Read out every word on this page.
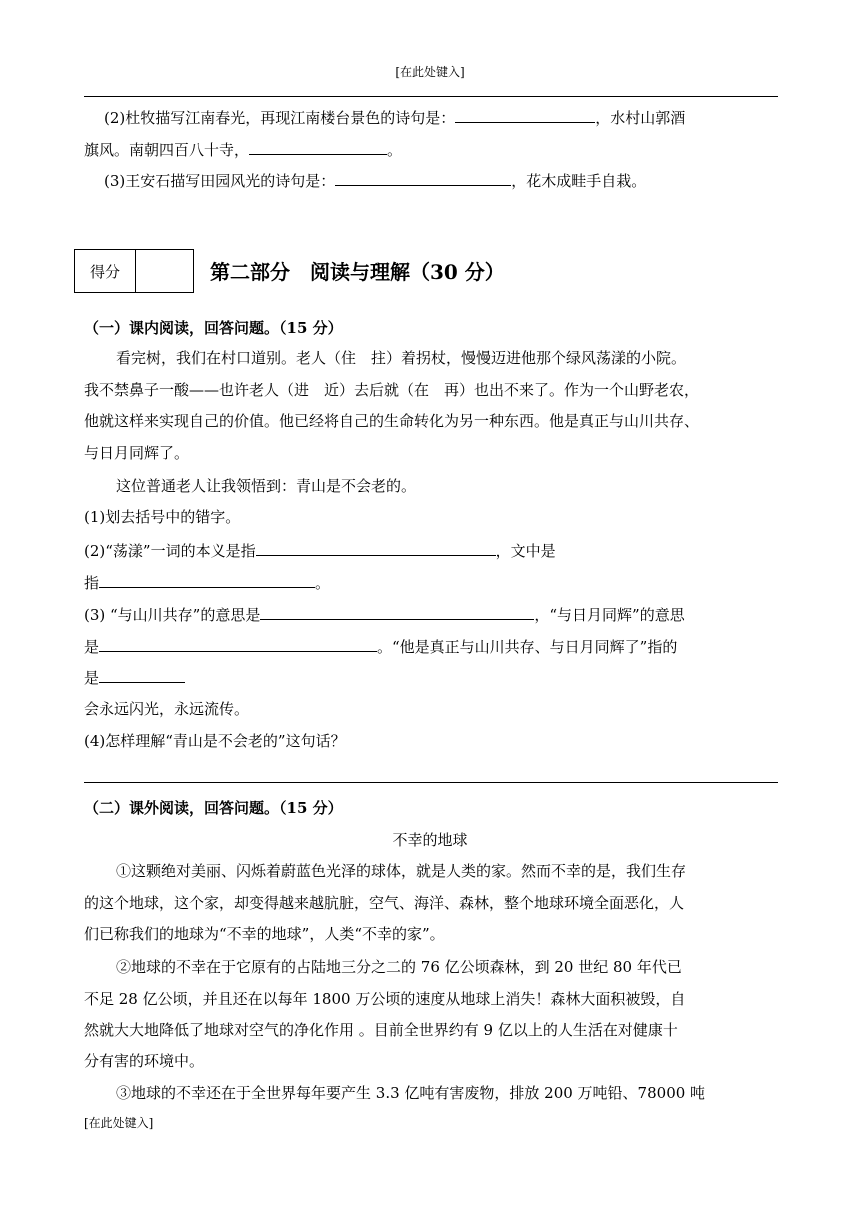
[在此处键入]
(2)杜牧描写江南春光，再现江南楼台景色的诗句是：	，水村山郭酒
旗风。南朝四百八十寺，	。
(3)王安石描写田园风光的诗句是：	，花木成畦手自栽。
得分	第二部分　阅读与理解（30 分）
（一）课内阅读，回答问题。（15 分）
看完树，我们在村口道别。老人（住　拄）着拐杖，慢慢迈进他那个绿风荡漾的小院。
我不禁鼻子一酸——也许老人（进　近）去后就（在　再）也出不来了。作为一个山野老农，
他就这样来实现自己的价值。他已经将自己的生命转化为另一种东西。他是真正与山川共存、
与日月同辉了。
这位普通老人让我领悟到：青山是不会老的。
(1)划去括号中的错字。
(2)“荡漾”一词的本义是指	，文中是
指	。
(3) “与山川共存”的意思是	，“与日月同辉”的意思
是	。“他是真正与山川共存、与日月同辉了”指的
是
会永远闪光，永远流传。
(4)怎样理解“青山是不会老的”这句话？
（二）课外阅读，回答问题。（15 分）
不幸的地球
①这颗绝对美丽、闪烁着蔚蓝色光泽的球体，就是人类的家。然而不幸的是，我们生存
的这个地球，这个家，却变得越来越肮脏，空气、海洋、森林，整个地球环境全面恶化，人
们已称我们的地球为“不幸的地球”，人类“不幸的家”。
②地球的不幸在于它原有的占陆地三分之二的 76 亿公顷森林，到 20 世纪 80 年代已
不足 28 亿公顷，并且还在以每年 1800 万公顷的速度从地球上消失！森林大面积被毁，自
然就大大地降低了地球对空气的净化作用 。目前全世界约有 9 亿以上的人生活在对健康十
分有害的环境中。
③地球的不幸还在于全世界每年要产生 3.3 亿吨有害废物，排放 200 万吨铅、78000 吨
[在此处键入]
